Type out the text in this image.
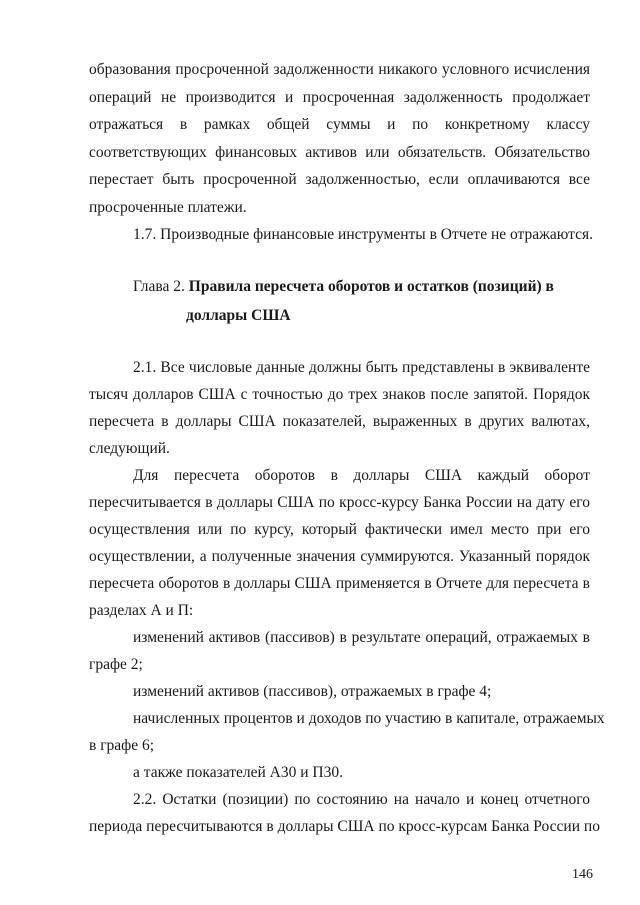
образования просроченной задолженности никакого условного исчисления
операций не производится и просроченная задолженность продолжает
отражаться в рамках общей суммы и по конкретному классу
соответствующих финансовых активов или обязательств. Обязательство
перестает быть просроченной задолженностью, если оплачиваются все
просроченные платежи.
1.7. Производные финансовые инструменты в Отчете не отражаются.
Глава 2. Правила пересчета оборотов и остатков (позиций) в
доллары США
2.1. Все числовые данные должны быть представлены в эквиваленте
тысяч долларов США с точностью до трех знаков после запятой. Порядок
пересчета в доллары США показателей, выраженных в других валютах,
следующий.
Для пересчета оборотов в доллары США каждый оборот
пересчитывается в доллары США по кросс-курсу Банка России на дату его
осуществления или по курсу, который фактически имел место при его
осуществлении, а полученные значения суммируются. Указанный порядок
пересчета оборотов в доллары США применяется в Отчете для пересчета в
разделах А и П:
изменений активов (пассивов) в результате операций, отражаемых в
графе 2;
изменений активов (пассивов), отражаемых в графе 4;
начисленных процентов и доходов по участию в капитале, отражаемых
в графе 6;
а также показателей А30 и П30.
2.2. Остатки (позиции) по состоянию на начало и конец отчетного
периода пересчитываются в доллары США по кросс-курсам Банка России по
146
